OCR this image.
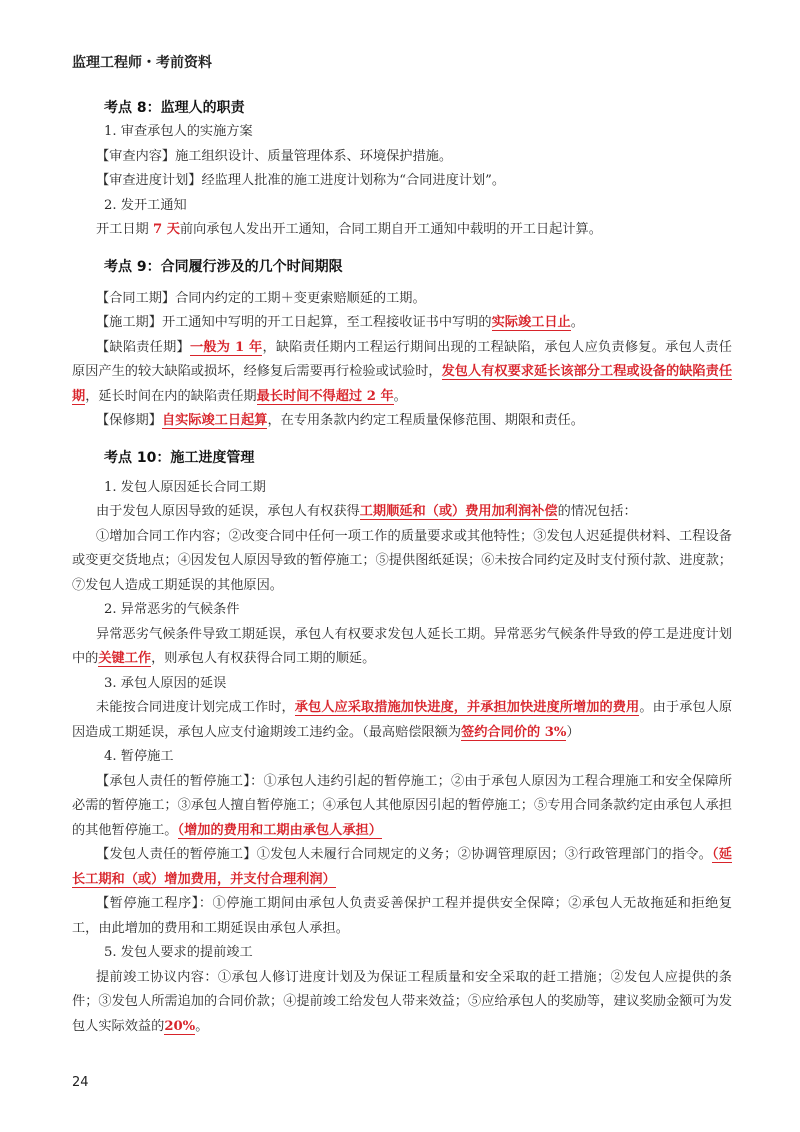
监理工程师・考前资料
考点 8：监理人的职责
1. 审查承包人的实施方案
【审查内容】施工组织设计、质量管理体系、环境保护措施。
【审查进度计划】经监理人批准的施工进度计划称为“合同进度计划”。
2. 发开工通知
开工日期 7 天前向承包人发出开工通知，合同工期自开工通知中载明的开工日起计算。
考点 9：合同履行涉及的几个时间期限
【合同工期】合同内约定的工期＋变更索赔顺延的工期。
【施工期】开工通知中写明的开工日起算，至工程接收证书中写明的实际竣工日止。
【缺陷责任期】一般为 1 年，缺陷责任期内工程运行期间出现的工程缺陷，承包人应负责修复。承包人责任原因产生的较大缺陷或损坏，经修复后需要再行检验或试验时，发包人有权要求延长该部分工程或设备的缺陷责任期，延长时间在内的缺陷责任期最长时间不得超过 2 年。
【保修期】自实际竣工日起算，在专用条款内约定工程质量保修范围、期限和责任。
考点 10：施工进度管理
1. 发包人原因延长合同工期
由于发包人原因导致的延误，承包人有权获得工期顺延和（或）费用加利润补偿的情况包括：
①增加合同工作内容；②改变合同中任何一项工作的质量要求或其他特性；③发包人迟延提供材料、工程设备或变更交货地点；④因发包人原因导致的暂停施工；⑤提供图纸延误；⑥未按合同约定及时支付预付款、进度款；⑦发包人造成工期延误的其他原因。
2. 异常恶劣的气候条件
异常恶劣气候条件导致工期延误，承包人有权要求发包人延长工期。异常恶劣气候条件导致的停工是进度计划中的关键工作，则承包人有权获得合同工期的顺延。
3. 承包人原因的延误
未能按合同进度计划完成工作时，承包人应采取措施加快进度，并承担加快进度所增加的费用。由于承包人原因造成工期延误，承包人应支付逾期竣工违约金。（最高赔偿限额为签约合同价的 3%）
4. 暂停施工
【承包人责任的暂停施工】：①承包人违约引起的暂停施工；②由于承包人原因为工程合理施工和安全保障所必需的暂停施工；③承包人擅自暂停施工；④承包人其他原因引起的暂停施工；⑤专用合同条款约定由承包人承担的其他暂停施工。（增加的费用和工期由承包人承担）
【发包人责任的暂停施工】①发包人未履行合同规定的义务；②协调管理原因；③行政管理部门的指令。（延长工期和（或）增加费用，并支付合理利润）
【暂停施工程序】：①停施工期间由承包人负责妥善保护工程并提供安全保障；②承包人无故拖延和拒绝复工，由此增加的费用和工期延误由承包人承担。
5. 发包人要求的提前竣工
提前竣工协议内容：①承包人修订进度计划及为保证工程质量和安全采取的赶工措施；②发包人应提供的条件；③发包人所需追加的合同价款；④提前竣工给发包人带来效益；⑤应给承包人的奖励等，建议奖励金额可为发包人实际效益的20%。
24
